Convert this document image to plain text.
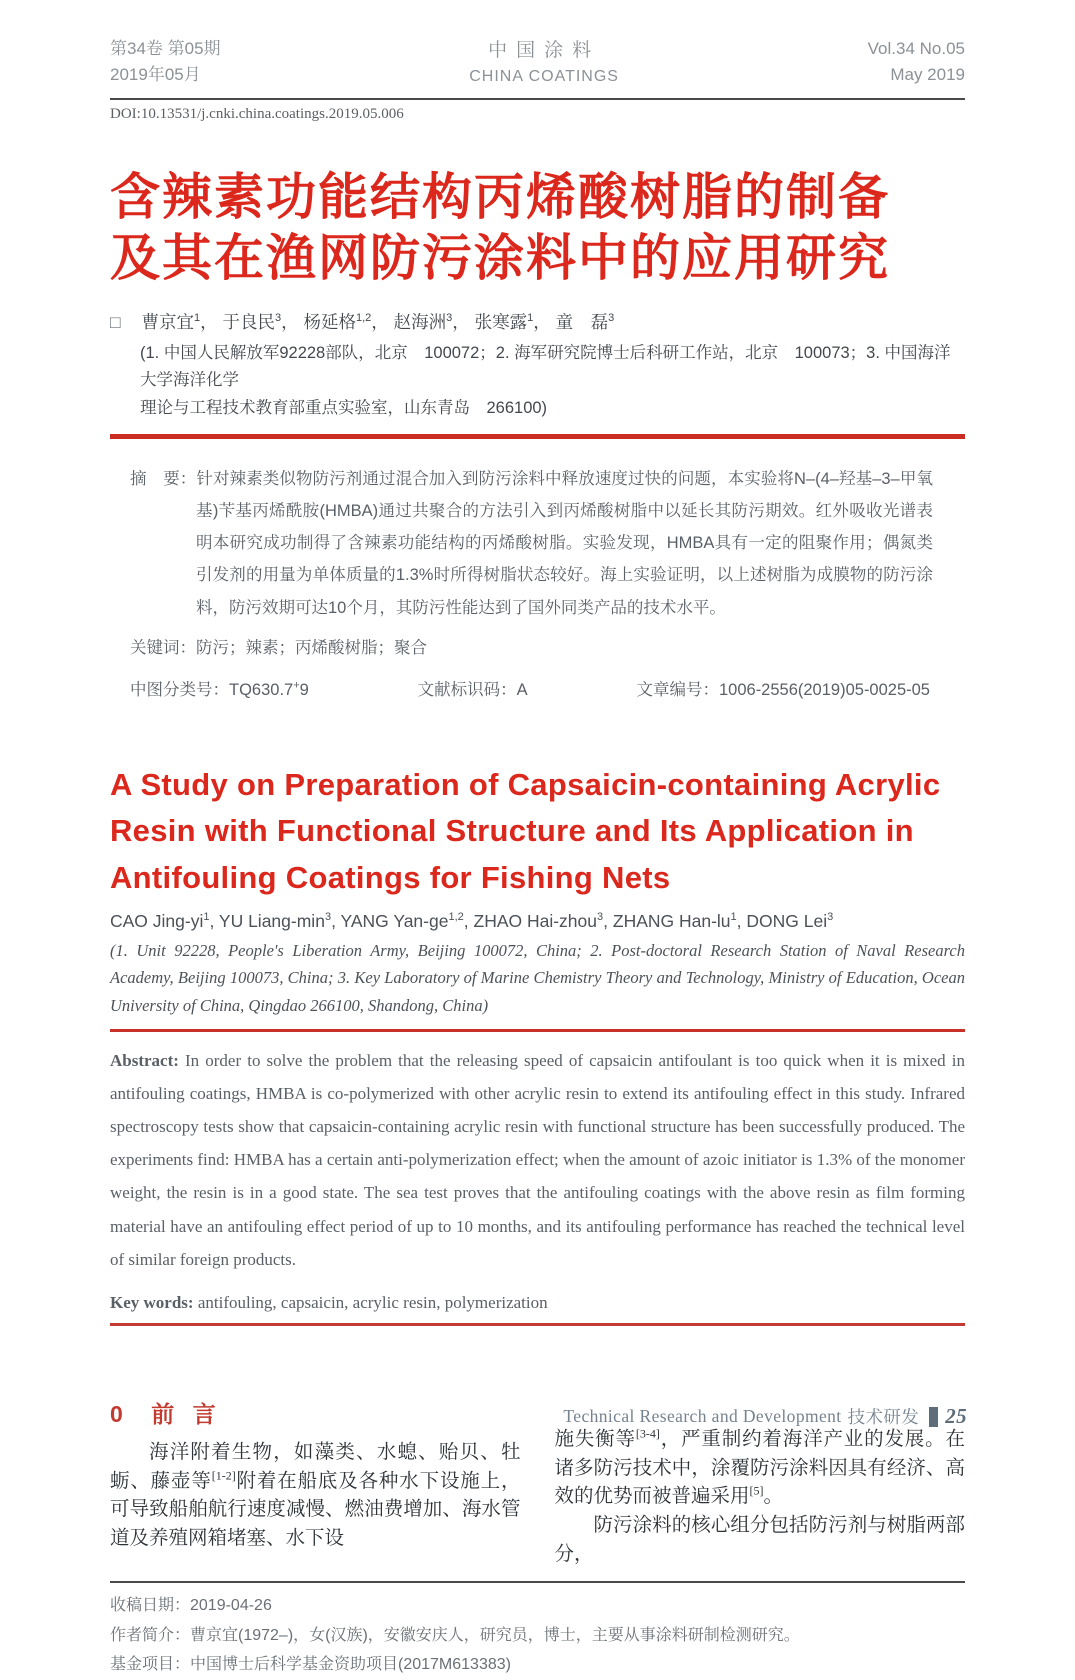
第34卷 第05期
2019年05月
中国涂料
CHINA COATINGS
Vol.34 No.05
May 2019
DOI:10.13531/j.cnki.china.coatings.2019.05.006
含辣素功能结构丙烯酸树脂的制备
及其在渔网防污涂料中的应用研究
□ 曹京宜$^1$， 于良民$^3$， 杨延格$^{1,2}$， 赵海洲$^3$， 张寒露$^1$， 童　磊$^3$
(1. 中国人民解放军92228部队，北京　100072；2. 海军研究院博士后科研工作站，北京　100073；3. 中国海洋大学海洋化学
理论与工程技术教育部重点实验室，山东青岛　266100)

摘　要：针对辣素类似物防污剂通过混合加入到防污涂料中释放速度过快的问题，本实验将N–(4–羟基–3–甲氧基)苄基丙烯酰胺(HMBA)通过共聚合的方法引入到丙烯酸树脂中以延长其防污期效。红外吸收光谱表明本研究成功制得了含辣素功能结构的丙烯酸树脂。实验发现，HMBA具有一定的阻聚作用；偶氮类引发剂的用量为单体质量的1.3%时所得树脂状态较好。海上实验证明，以上述树脂为成膜物的防污涂料，防污效期可达10个月，其防污性能达到了国外同类产品的技术水平。

关键词：防污；辣素；丙烯酸树脂；聚合
中图分类号：TQ630.7+9	文献标识码：A	文章编号：1006-2556(2019)05-0025-05
A Study on Preparation of Capsaicin-containing Acrylic
Resin with Functional Structure and Its Application in
Antifouling Coatings for Fishing Nets
CAO Jing-$yi^1$, YU Liang-$\min^3$, YANG Yan-ge$^{1,2}$, ZHAO Hai-zhou$^3$, ZHANG Han-$lu^1$, DONG Lei$^3$
(1. Unit 92228, People's Liberation Army, Beijing 100072, China; 2. Post-doctoral Research Station of Naval Research Academy, Beijing 100073, China; 3. Key Laboratory of Marine Chemistry Theory and Technology, Ministry of Education, Ocean University of China, Qingdao 266100, Shandong, China)

Abstract: In order to solve the problem that the releasing speed of capsaicin antifoulant is too quick when it is mixed in antifouling coatings, HMBA is co-polymerized with other acrylic resin to extend its antifouling effect in this study. Infrared spectroscopy tests show that capsaicin-containing acrylic resin with functional structure has been successfully produced. The experiments find: HMBA has a certain anti-polymerization effect; when the amount of azoic initiator is 1.3% of the monomer weight, the resin is in a good state. The sea test proves that the antifouling coatings with the above resin as film forming material have an antifouling effect period of up to 10 months, and its antifouling performance has reached the technical level of similar foreign products.

Key words: antifouling, capsaicin, acrylic resin, polymerization
0 前 言

海洋附着生物，如藻类、水螅、贻贝、牡蛎、藤壶等[1-2]附着在船底及各种水下设施上，可导致船舶航行速度减慢、燃油费增加、海水管道及养殖网箱堵塞、水下设

施失衡等[3-4]，严重制约着海洋产业的发展。在诸多防污技术中，涂覆防污涂料因具有经济、高效的优势而被普遍采用[5]。

防污涂料的核心组分包括防污剂与树脂两部分，

收稿日期：2019-04-26
作者简介：曹京宜(1972–)，女(汉族)，安徽安庆人，研究员，博士，主要从事涂料研制检测研究。
基金项目：中国博士后科学基金资助项目(2017M613383)
Technical Research and Development 技术研发 25
